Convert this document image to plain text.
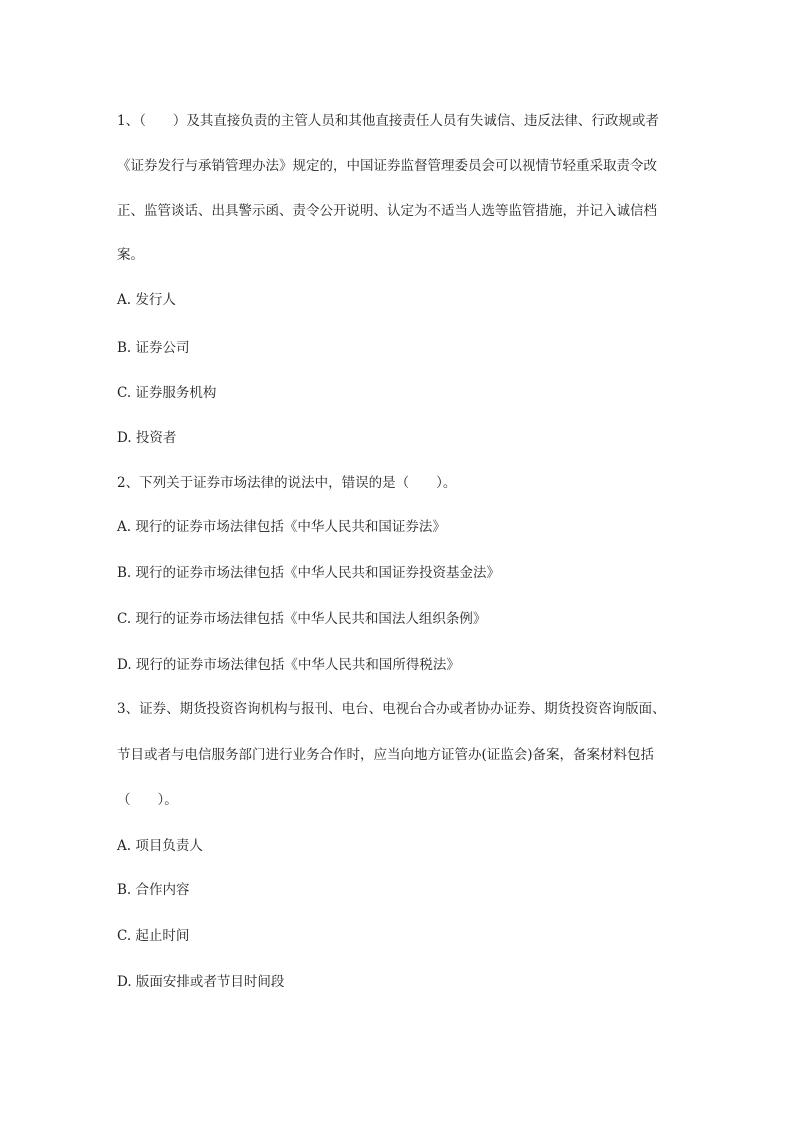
1、（　　）及其直接负责的主管人员和其他直接责任人员有失诚信、违反法律、行政规或者
《证券发行与承销管理办法》规定的，中国证券监督管理委员会可以视情节轻重采取责令改
正、监管谈话、出具警示函、责令公开说明、认定为不适当人选等监管措施，并记入诚信档
案。
A. 发行人
B. 证券公司
C. 证券服务机构
D. 投资者
2、下列关于证券市场法律的说法中，错误的是（　　）。
A. 现行的证券市场法律包括《中华人民共和国证券法》
B. 现行的证券市场法律包括《中华人民共和国证券投资基金法》
C. 现行的证券市场法律包括《中华人民共和国法人组织条例》
D. 现行的证券市场法律包括《中华人民共和国所得税法》
3、证券、期货投资咨询机构与报刊、电台、电视台合办或者协办证券、期货投资咨询版面、
节目或者与电信服务部门进行业务合作时，应当向地方证管办(证监会)备案，备案材料包括
（　　）。
A. 项目负责人
B. 合作内容
C. 起止时间
D. 版面安排或者节目时间段
